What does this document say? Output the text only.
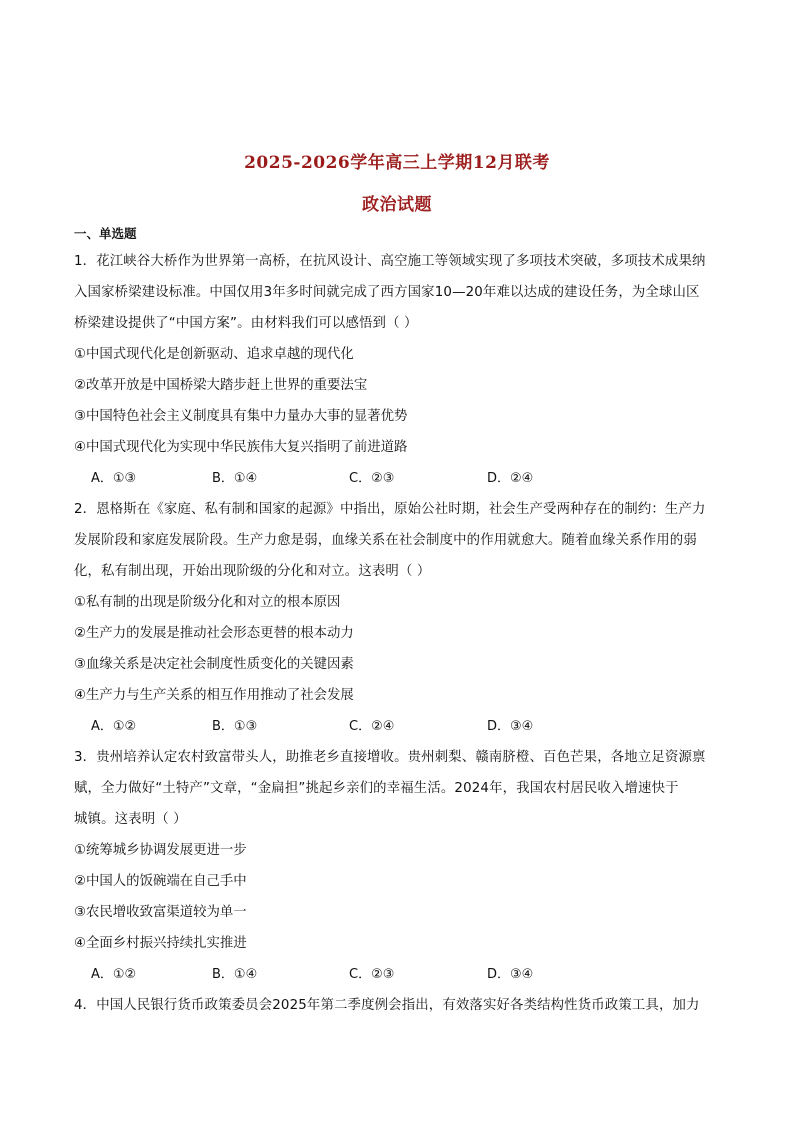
2025-2026学年高三上学期12月联考
政治试题
一、单选题
1．花江峡谷大桥作为世界第一高桥，在抗风设计、高空施工等领域实现了多项技术突破，多项技术成果纳
入国家桥梁建设标准。中国仅用3年多时间就完成了西方国家10—20年难以达成的建设任务，为全球山区
桥梁建设提供了“中国方案”。由材料我们可以感悟到（ ）
①中国式现代化是创新驱动、追求卓越的现代化
②改革开放是中国桥梁大踏步赶上世界的重要法宝
③中国特色社会主义制度具有集中力量办大事的显著优势
④中国式现代化为实现中华民族伟大复兴指明了前进道路
A．①③	B．①④	C．②③	D．②④
2．恩格斯在《家庭、私有制和国家的起源》中指出，原始公社时期，社会生产受两种存在的制约：生产力
发展阶段和家庭发展阶段。生产力愈是弱，血缘关系在社会制度中的作用就愈大。随着血缘关系作用的弱
化，私有制出现，开始出现阶级的分化和对立。这表明（ ）
①私有制的出现是阶级分化和对立的根本原因
②生产力的发展是推动社会形态更替的根本动力
③血缘关系是决定社会制度性质变化的关键因素
④生产力与生产关系的相互作用推动了社会发展
A．①②	B．①③	C．②④	D．③④
3．贵州培养认定农村致富带头人，助推老乡直接增收。贵州刺梨、赣南脐橙、百色芒果，各地立足资源禀
赋，全力做好“土特产”文章，“金扁担”挑起乡亲们的幸福生活。2024年，我国农村居民收入增速快于
城镇。这表明（ ）
①统筹城乡协调发展更进一步
②中国人的饭碗端在自己手中
③农民增收致富渠道较为单一
④全面乡村振兴持续扎实推进
A．①②	B．①④	C．②③	D．③④
4．中国人民银行货币政策委员会2025年第二季度例会指出，有效落实好各类结构性货币政策工具，加力
